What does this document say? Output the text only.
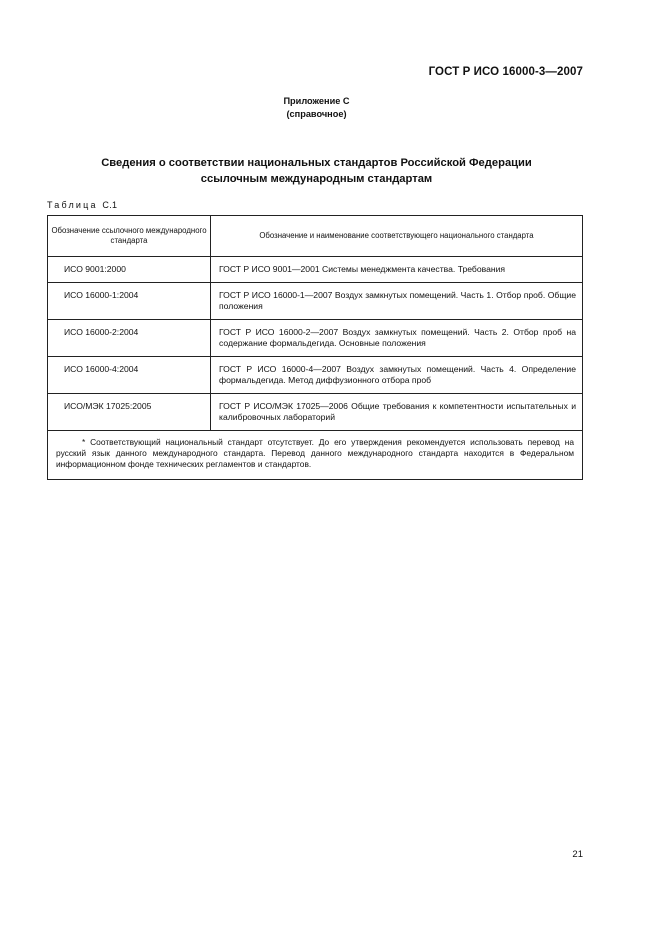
ГОСТ Р ИСО 16000-3—2007
Приложение С
(справочное)
Сведения о соответствии национальных стандартов Российской Федерации
ссылочным международным стандартам
Таблица С.1
Обозначение ссылочного международного стандарта	Обозначение и наименование соответствующего национального стандарта
ИСО 9001:2000	ГОСТ Р ИСО 9001—2001 Системы менеджмента качества. Требования
ИСО 16000-1:2004	ГОСТ Р ИСО 16000-1—2007 Воздух замкнутых помещений. Часть 1. Отбор проб. Общие положения
ИСО 16000-2:2004	ГОСТ Р ИСО 16000-2—2007 Воздух замкнутых помещений. Часть 2. Отбор проб на содержание формальдегида. Основные положения
ИСО 16000-4:2004	ГОСТ Р ИСО 16000-4—2007 Воздух замкнутых помещений. Часть 4. Определение формальдегида. Метод диффузионного отбора проб
ИСО/МЭК 17025:2005	ГОСТ Р ИСО/МЭК 17025—2006 Общие требования к компетентности испытательных и калибровочных лабораторий

* Соответствующий национальный стандарт отсутствует. До его утверждения рекомендуется использовать перевод на русский язык данного международного стандарта. Перевод данного международного стандарта находится в Федеральном информационном фонде технических регламентов и стандартов.	
21
